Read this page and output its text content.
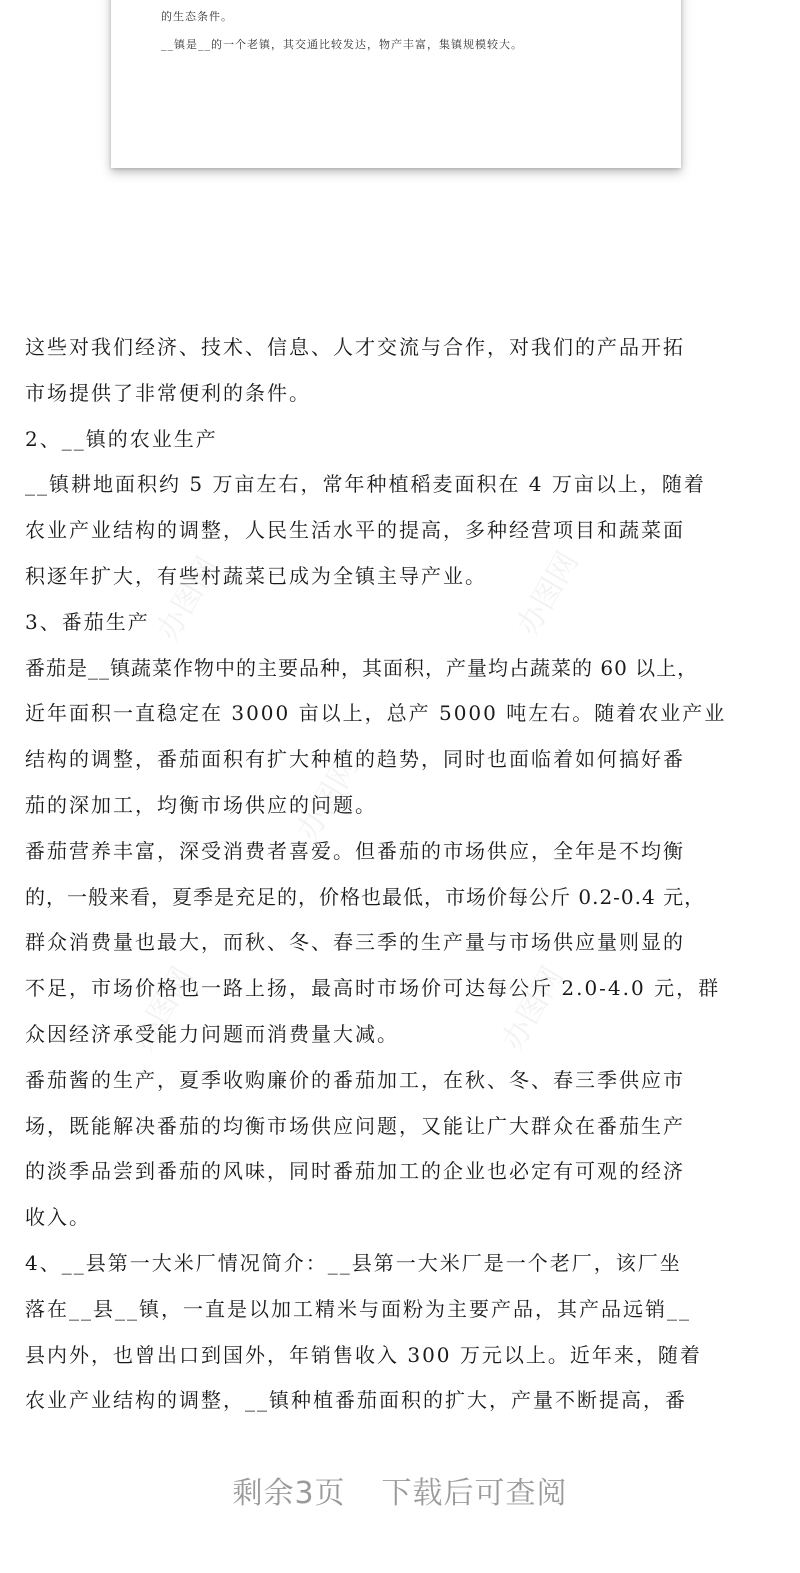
的生态条件。
__镇是__的一个老镇，其交通比较发达，物产丰富，集镇规模较大。
办图网	办图网
办图网
办图网	办图网
这些对我们经济、技术、信息、人才交流与合作，对我们的产品开拓
市场提供了非常便利的条件。
2、__镇的农业生产
__镇耕地面积约 5 万亩左右，常年种植稻麦面积在 4 万亩以上，随着
农业产业结构的调整，人民生活水平的提高，多种经营项目和蔬菜面
积逐年扩大，有些村蔬菜已成为全镇主导产业。
3、番茄生产
番茄是__镇蔬菜作物中的主要品种，其面积，产量均占蔬菜的 60 以上，
近年面积一直稳定在 3000 亩以上，总产 5000 吨左右。随着农业产业
结构的调整，番茄面积有扩大种植的趋势，同时也面临着如何搞好番
茄的深加工，均衡市场供应的问题。
番茄营养丰富，深受消费者喜爱。但番茄的市场供应，全年是不均衡
的，一般来看，夏季是充足的，价格也最低，市场价每公斤 0.2-0.4 元，
群众消费量也最大，而秋、冬、春三季的生产量与市场供应量则显的
不足，市场价格也一路上扬，最高时市场价可达每公斤 2.0-4.0 元，群
众因经济承受能力问题而消费量大减。
番茄酱的生产，夏季收购廉价的番茄加工，在秋、冬、春三季供应市
场，既能解决番茄的均衡市场供应问题，又能让广大群众在番茄生产
的淡季品尝到番茄的风味，同时番茄加工的企业也必定有可观的经济
收入。
4、__县第一大米厂情况简介：__县第一大米厂是一个老厂，该厂坐
落在__县__镇，一直是以加工精米与面粉为主要产品，其产品远销__
县内外，也曾出口到国外，年销售收入 300 万元以上。近年来，随着
农业产业结构的调整，__镇种植番茄面积的扩大，产量不断提高，番
剩余3页 下载后可查阅
